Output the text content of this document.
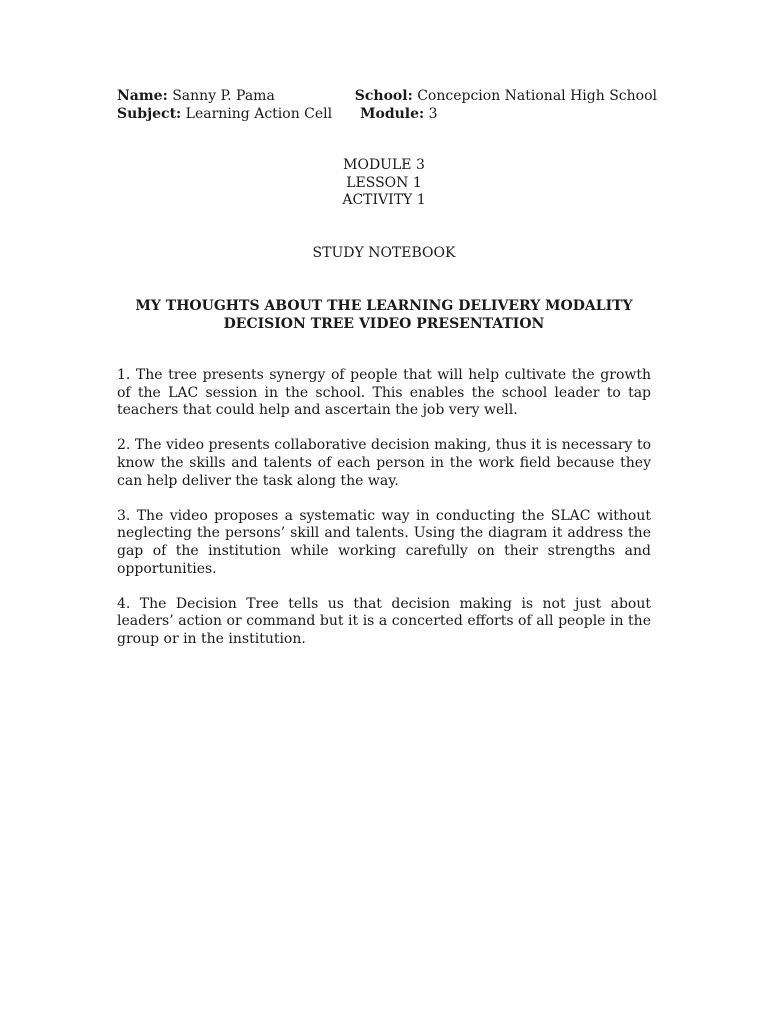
Name: Sanny P. Pama	School: Concepcion National High School
Subject: Learning Action Cell	Module: 3
MODULE 3
LESSON 1
ACTIVITY 1
STUDY NOTEBOOK
MY THOUGHTS ABOUT THE LEARNING DELIVERY MODALITY
DECISION TREE VIDEO PRESENTATION

1. The tree presents synergy of people that will help cultivate the growth of the LAC session in the school. This enables the school leader to tap teachers that could help and ascertain the job very well.

2. The video presents collaborative decision making, thus it is necessary to know the skills and talents of each person in the work field because they can help deliver the task along the way.

3. The video proposes a systematic way in conducting the SLAC without neglecting the persons’ skill and talents. Using the diagram it address the gap of the institution while working carefully on their strengths and opportunities.

4. The Decision Tree tells us that decision making is not just about leaders’ action or command but it is a concerted efforts of all people in the group or in the institution.
